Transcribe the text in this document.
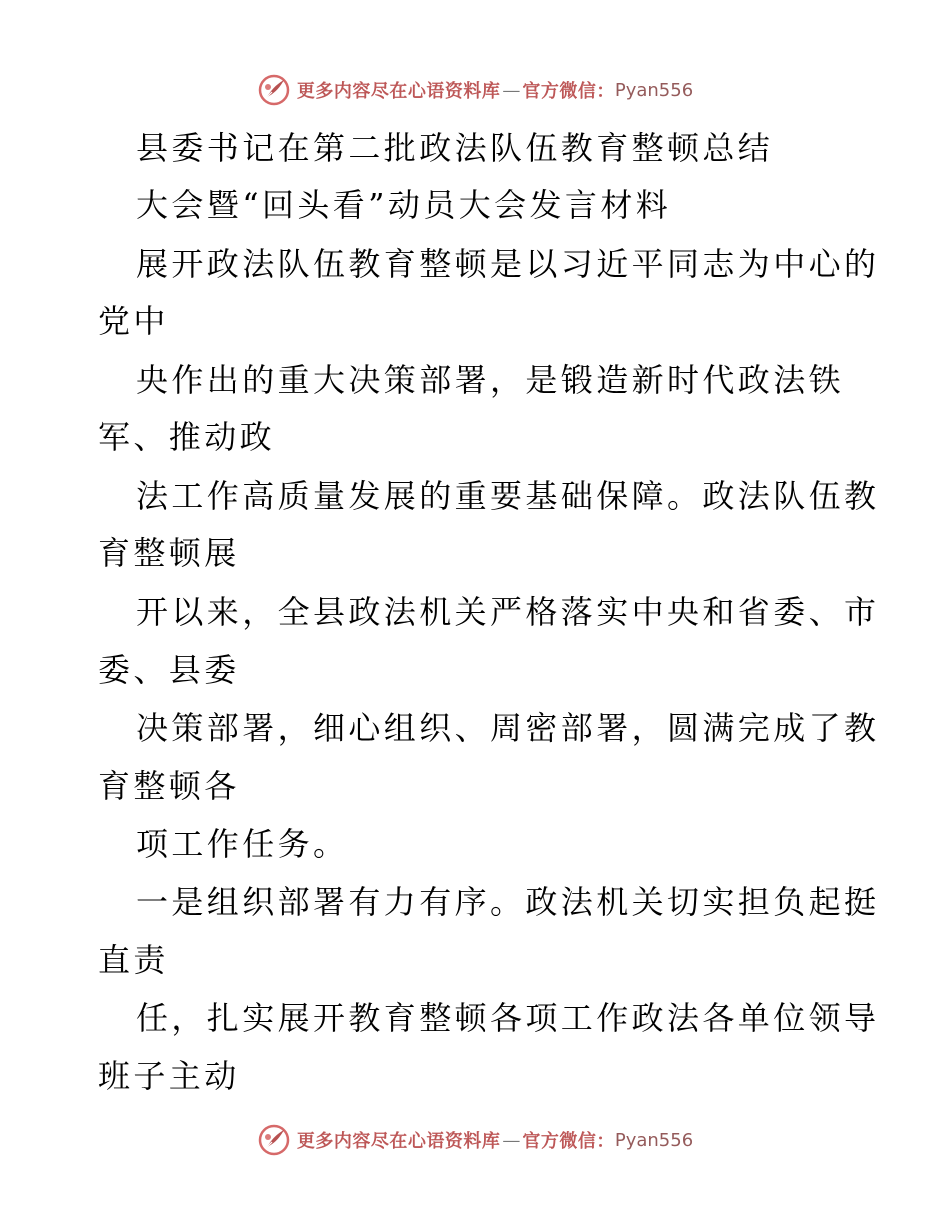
更多内容尽在心语资料库 — 官方微信： Pyan556
县委书记在第二批政法队伍教育整顿总结
大会暨“回头看”动员大会发言材料
展开政法队伍教育整顿是以习近平同志为中心的
党中
央作出的重大决策部署，是锻造新时代政法铁
军、推动政
法工作高质量发展的重要基础保障。政法队伍教
育整顿展
开以来，全县政法机关严格落实中央和省委、市
委、县委
决策部署，细心组织、周密部署，圆满完成了教
育整顿各
项工作任务。
一是组织部署有力有序。政法机关切实担负起挺
直责
任，扎实展开教育整顿各项工作政法各单位领导
班子主动
更多内容尽在心语资料库 — 官方微信： Pyan556
